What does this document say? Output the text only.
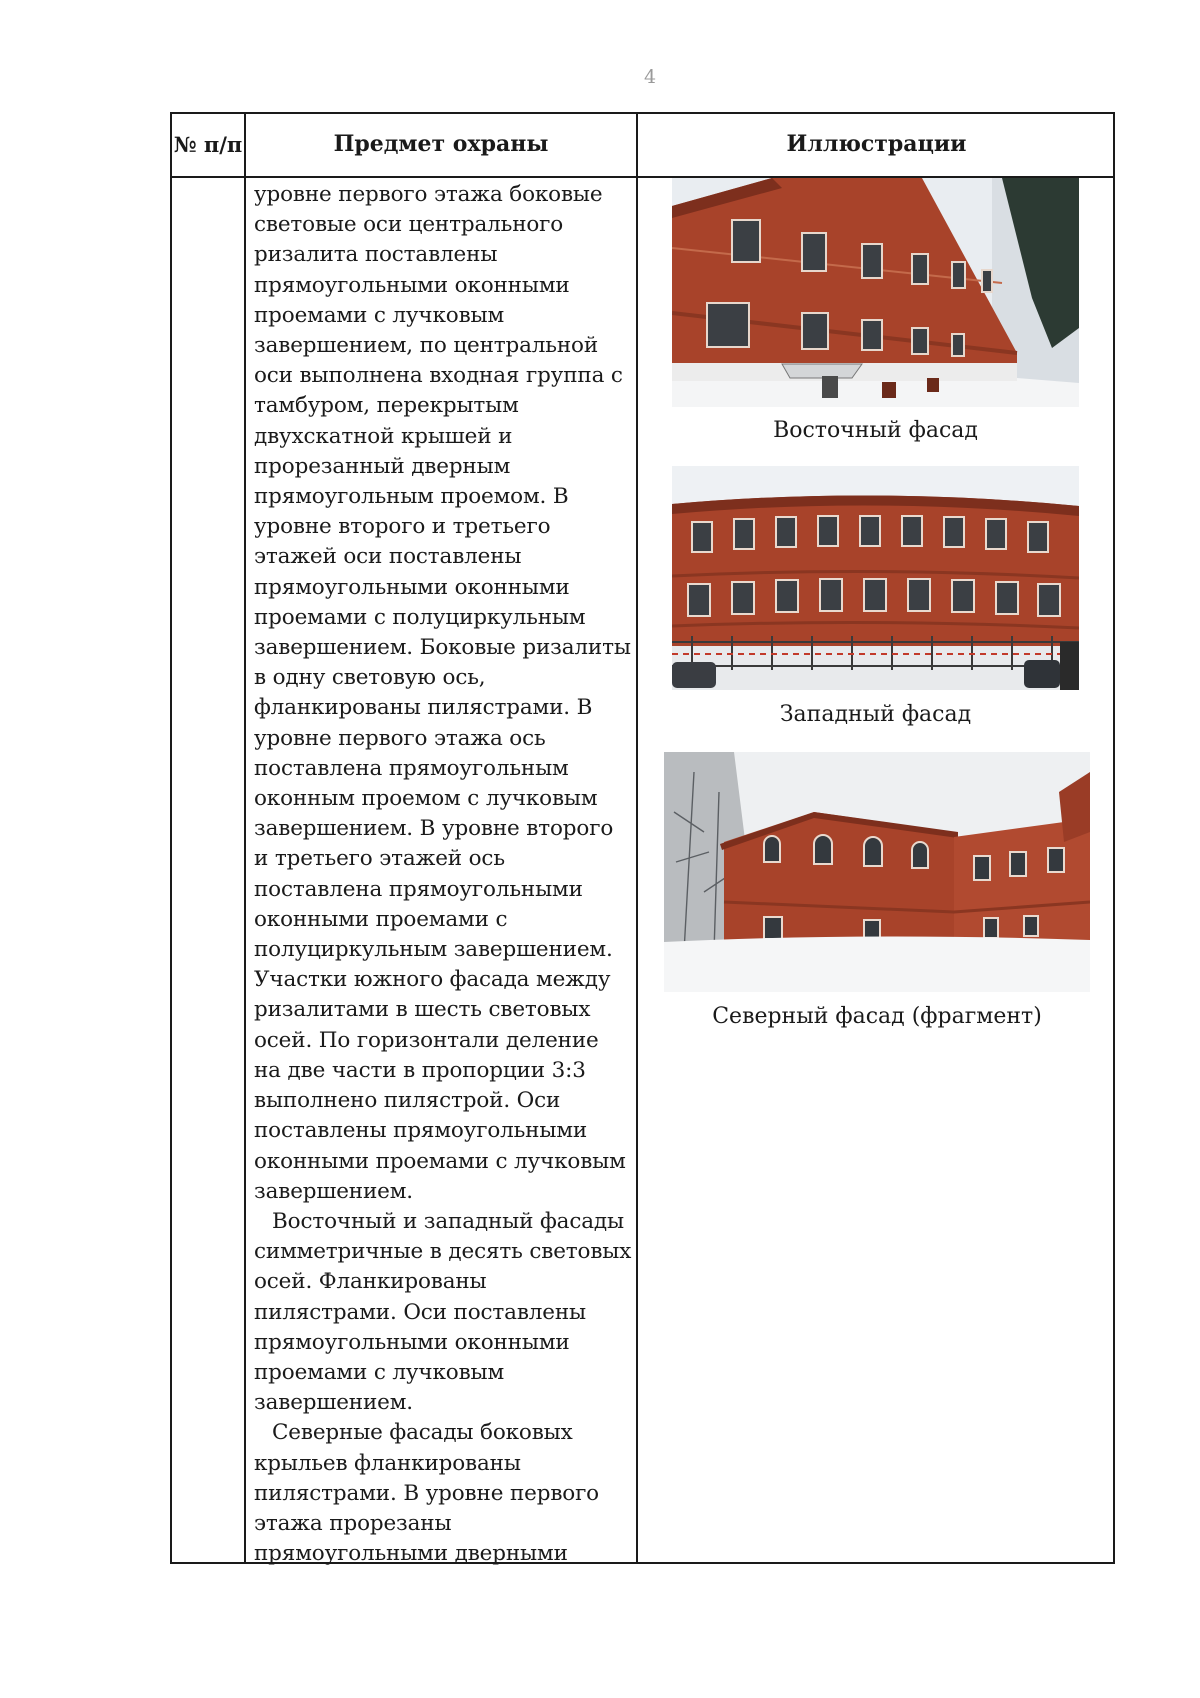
4
№ п/п	Предмет охраны	Иллюстрации

уровне первого этажа боковые световые оси центрального ризалита поставлены прямоугольными оконными проемами с лучковым завершением, по центральной оси выполнена входная группа с тамбуром, перекрытым двухскатной крышей и прорезанный дверным прямоугольным проемом. В уровне второго и третьего этажей оси поставлены прямоугольными оконными проемами с полуциркульным завершением. Боковые ризалиты в одну световую ось, фланкированы пилястрами. В уровне первого этажа ось поставлена прямоугольным оконным проемом с лучковым завершением. В уровне второго и третьего этажей ось поставлена прямоугольными оконными проемами с полуциркульным завершением. Участки южного фасада между ризалитами в шесть световых осей. По горизонтали деление на две части в пропорции 3:3 выполнено пилястрой. Оси поставлены прямоугольными оконными проемами с лучковым завершением.

Восточный и западный фасады симметричные в десять световых осей. Фланкированы пилястрами. Оси поставлены прямоугольными оконными проемами с лучковым завершением.

Северные фасады боковых крыльев фланкированы пилястрами. В уровне первого этажа прорезаны прямоугольными дверными

Восточный фасад
Западный фасад
Северный фасад (фрагмент)
